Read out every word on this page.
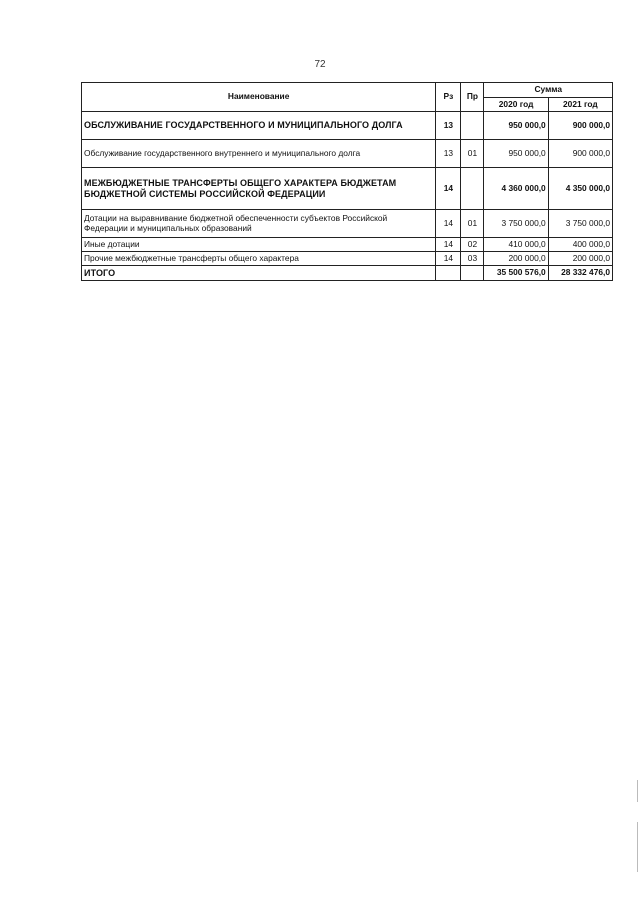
72
Наименование	Рз	Пр	Сумма	
			2020 год	2021 год
ОБСЛУЖИВАНИЕ ГОСУДАРСТВЕННОГО И МУНИЦИПАЛЬНОГО ДОЛГА	13		950 000,0	900 000,0
Обслуживание государственного внутреннего и муниципального долга	13	01	950 000,0	900 000,0
МЕЖБЮДЖЕТНЫЕ ТРАНСФЕРТЫ ОБЩЕГО ХАРАКТЕРА БЮДЖЕТАМ БЮДЖЕТНОЙ СИСТЕМЫ РОССИЙСКОЙ ФЕДЕРАЦИИ	14		4 360 000,0	4 350 000,0
Дотации на выравнивание бюджетной обеспеченности субъектов Российской Федерации и муниципальных образований	14	01	3 750 000,0	3 750 000,0
Иные дотации	14	02	410 000,0	400 000,0
Прочие межбюджетные трансферты общего характера	14	03	200 000,0	200 000,0
ИТОГО			35 500 576,0	28 332 476,0
